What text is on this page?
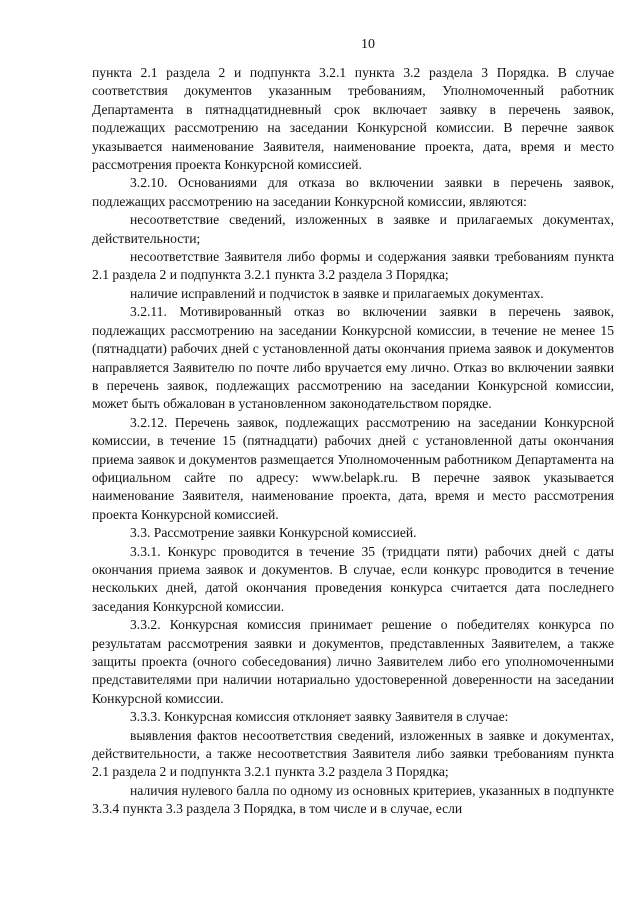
10

пункта 2.1 раздела 2 и подпункта 3.2.1 пункта 3.2 раздела 3 Порядка. В случае соответствия документов указанным требованиям, Уполномоченный работник Департамента в пятнадцатидневный срок включает заявку в перечень заявок, подлежащих рассмотрению на заседании Конкурсной комиссии. В перечне заявок указывается наименование Заявителя, наименование проекта, дата, время и место рассмотрения проекта Конкурсной комиссией.

3.2.10. Основаниями для отказа во включении заявки в перечень заявок, подлежащих рассмотрению на заседании Конкурсной комиссии, являются:

несоответствие сведений, изложенных в заявке и прилагаемых документах, действительности;

несоответствие Заявителя либо формы и содержания заявки требованиям пункта 2.1 раздела 2 и подпункта 3.2.1 пункта 3.2 раздела 3 Порядка;

наличие исправлений и подчисток в заявке и прилагаемых документах.

3.2.11. Мотивированный отказ во включении заявки в перечень заявок, подлежащих рассмотрению на заседании Конкурсной комиссии, в течение не менее 15 (пятнадцати) рабочих дней с установленной даты окончания приема заявок и документов направляется Заявителю по почте либо вручается ему лично. Отказ во включении заявки в перечень заявок, подлежащих рассмотрению на заседании Конкурсной комиссии, может быть обжалован в установленном законодательством порядке.

3.2.12. Перечень заявок, подлежащих рассмотрению на заседании Конкурсной комиссии, в течение 15 (пятнадцати) рабочих дней с установленной даты окончания приема заявок и документов размещается Уполномоченным работником Департамента на официальном сайте по адресу: www.belapk.ru. В перечне заявок указывается наименование Заявителя, наименование проекта, дата, время и место рассмотрения проекта Конкурсной комиссией.

3.3. Рассмотрение заявки Конкурсной комиссией.

3.3.1. Конкурс проводится в течение 35 (тридцати пяти) рабочих дней с даты окончания приема заявок и документов. В случае, если конкурс проводится в течение нескольких дней, датой окончания проведения конкурса считается дата последнего заседания Конкурсной комиссии.

3.3.2. Конкурсная комиссия принимает решение о победителях конкурса по результатам рассмотрения заявки и документов, представленных Заявителем, а также защиты проекта (очного собеседования) лично Заявителем либо его уполномоченными представителями при наличии нотариально удостоверенной доверенности на заседании Конкурсной комиссии.

3.3.3. Конкурсная комиссия отклоняет заявку Заявителя в случае:

выявления фактов несоответствия сведений, изложенных в заявке и документах, действительности, а также несоответствия Заявителя либо заявки требованиям пункта 2.1 раздела 2 и подпункта 3.2.1 пункта 3.2 раздела 3 Порядка;

наличия нулевого балла по одному из основных критериев, указанных в подпункте 3.3.4 пункта 3.3 раздела 3 Порядка, в том числе и в случае, если
